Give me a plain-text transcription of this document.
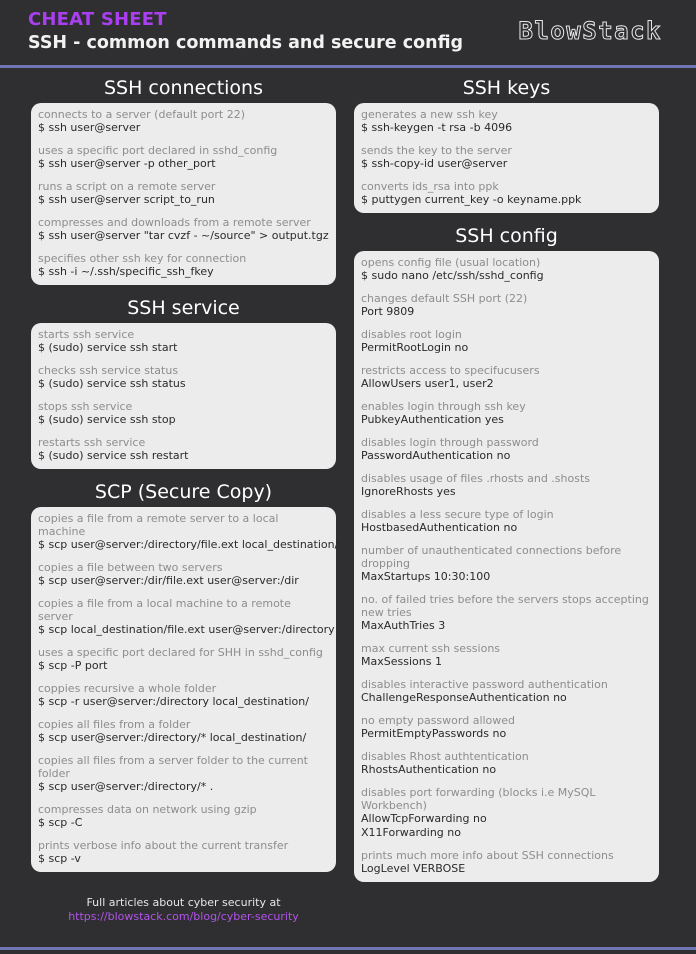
CHEAT SHEET
SSH - common commands and secure config BlowStack
SSH connections
connects to a server (default port 22)
$ ssh user@server
uses a specific port declared in sshd_config
$ ssh user@server -p other_port
runs a script on a remote server
$ ssh user@server script_to_run
compresses and downloads from a remote server
$ ssh user@server "tar cvzf - ~/source" > output.tgz
specifies other ssh key for connection
$ ssh -i ~/.ssh/specific_ssh_fkey
SSH service
starts ssh service
$ (sudo) service ssh start
checks ssh service status
$ (sudo) service ssh status
stops ssh service
$ (sudo) service ssh stop
restarts ssh service
$ (sudo) service ssh restart
SCP (Secure Copy)
copies a file from a remote server to a local machine
$ scp user@server:/directory/file.ext local_destination/
copies a file between two servers
$ scp user@server:/dir/file.ext user@server:/dir
copies a file from a local machine to a remote server
$ scp local_destination/file.ext user@server:/directory
uses a specific port declared for SHH in sshd_config
$ scp -P port
coppies recursive a whole folder
$ scp -r user@server:/directory local_destination/
copies all files from a folder
$ scp user@server:/directory/* local_destination/
copies all files from a server folder to the current folder
$ scp user@server:/directory/* .
compresses data on network using gzip
$ scp -C
prints verbose info about the current transfer
$ scp -v
SSH keys
generates a new ssh key
$ ssh-keygen -t rsa -b 4096
sends the key to the server
$ ssh-copy-id user@server
converts ids_rsa into ppk
$ puttygen current_key -o keyname.ppk
SSH config
opens config file (usual location)
$ sudo nano /etc/ssh/sshd_config
changes default SSH port (22)
Port 9809
disables root login
PermitRootLogin no
restricts access to specifucusers
AllowUsers user1, user2
enables login through ssh key
PubkeyAuthentication yes
disables login through password
PasswordAuthentication no
disables usage of files .rhosts and .shosts
IgnoreRhosts yes
disables a less secure type of login
HostbasedAuthentication no
number of unauthenticated connections before dropping
MaxStartups 10:30:100
no. of failed tries before the servers stops accepting new tries
MaxAuthTries 3
max current ssh sessions
MaxSessions 1
disables interactive password authentication
ChallengeResponseAuthentication no
no empty password allowed
PermitEmptyPasswords no
disables Rhost authtentication
RhostsAuthentication no
disables port forwarding (blocks i.e MySQL Workbench)
AllowTcpForwarding no
X11Forwarding no
prints much more info about SSH connections
LogLevel VERBOSE
Full articles about cyber security at
https://blowstack.com/blog/cyber-security
